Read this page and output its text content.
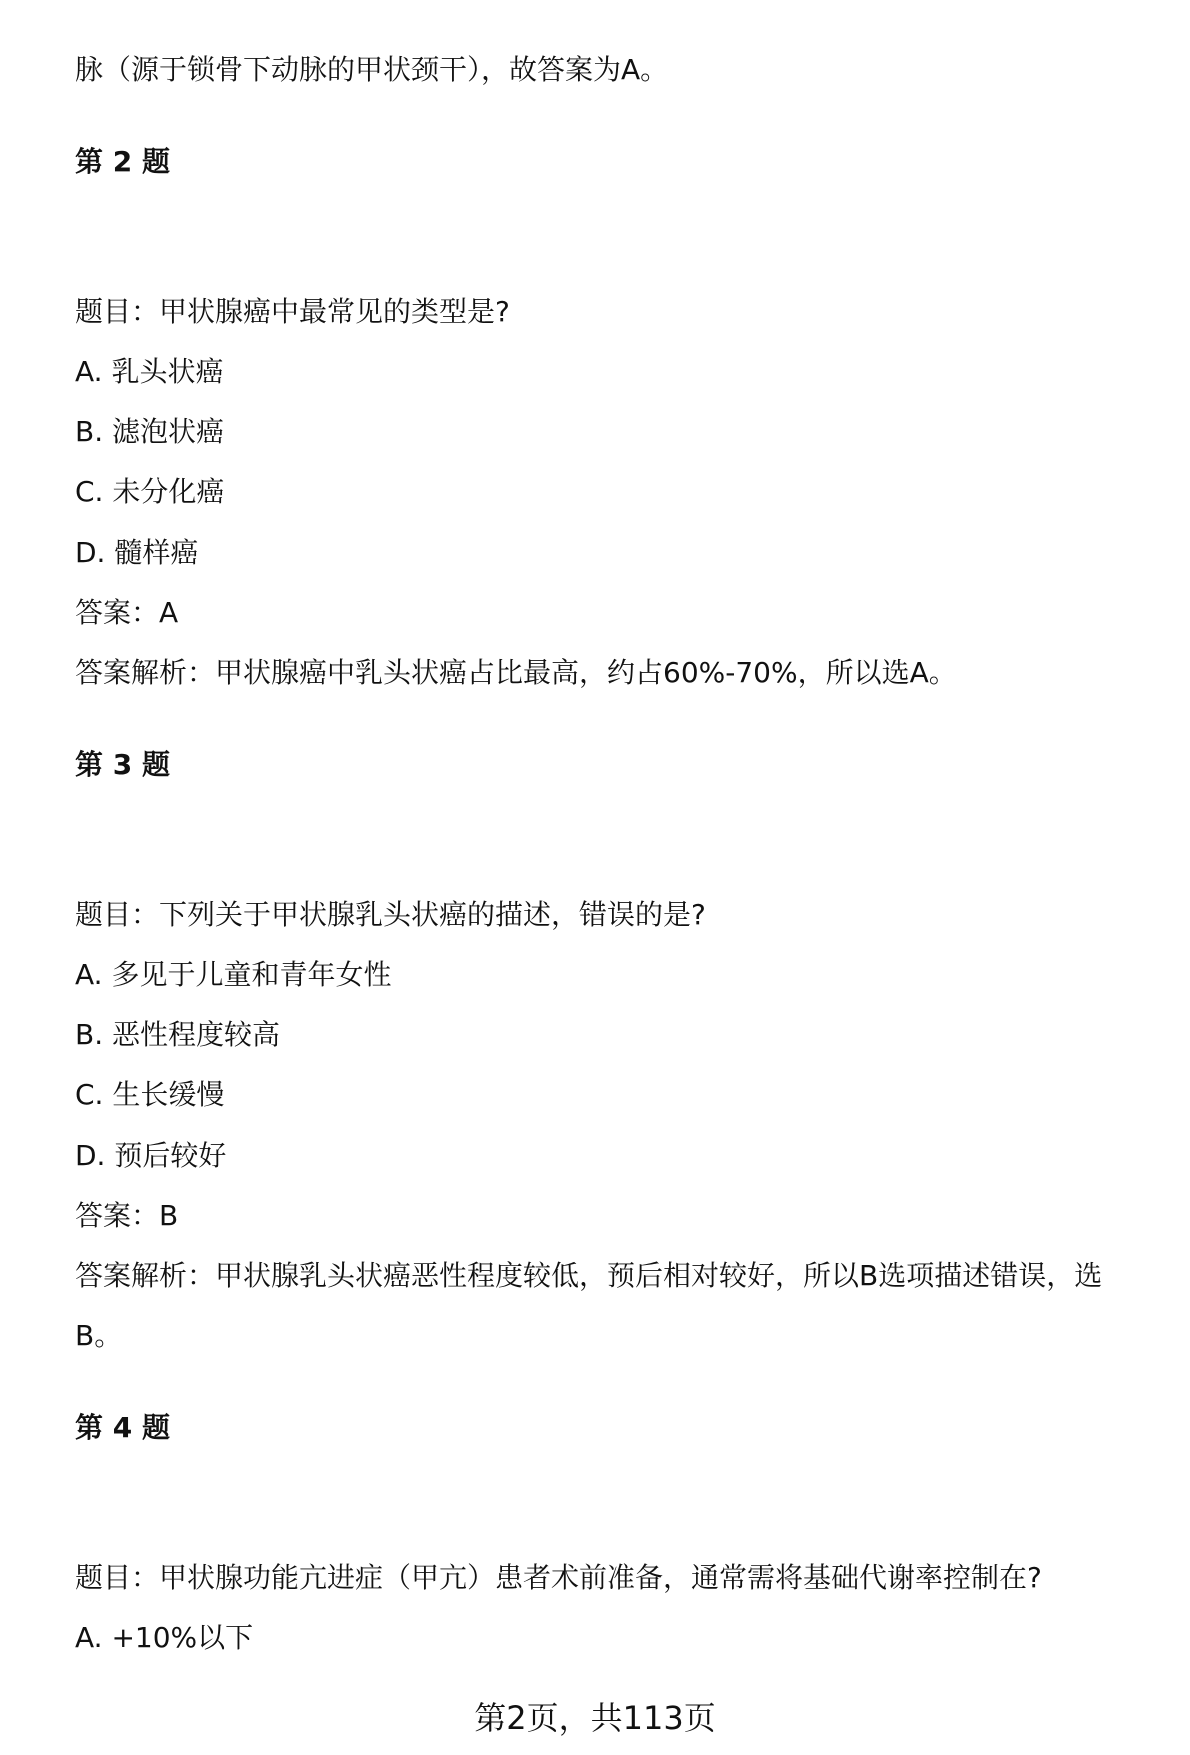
脉（源于锁骨下动脉的甲状颈干），故答案为A。
第 2 题
题目：甲状腺癌中最常见的类型是?
A. 乳头状癌
B. 滤泡状癌
C. 未分化癌
D. 髓样癌
答案：A
答案解析：甲状腺癌中乳头状癌占比最高，约占60%-70%，所以选A。
第 3 题
题目：下列关于甲状腺乳头状癌的描述，错误的是?
A. 多见于儿童和青年女性
B. 恶性程度较高
C. 生长缓慢
D. 预后较好
答案：B
答案解析：甲状腺乳头状癌恶性程度较低，预后相对较好，所以B选项描述错误，选B。
第 4 题
题目：甲状腺功能亢进症（甲亢）患者术前准备，通常需将基础代谢率控制在?
A. +10%以下
第2页，共113页
